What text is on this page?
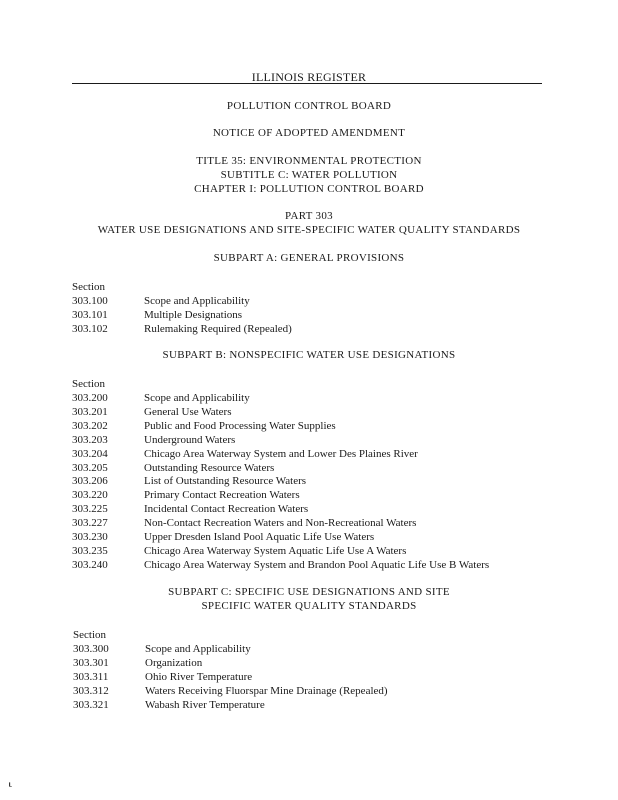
ILLINOIS REGISTER
POLLUTION CONTROL BOARD
NOTICE OF ADOPTED AMENDMENT
TITLE 35: ENVIRONMENTAL PROTECTION
SUBTITLE C: WATER POLLUTION
CHAPTER I: POLLUTION CONTROL BOARD
PART 303
WATER USE DESIGNATIONS AND SITE-SPECIFIC WATER QUALITY STANDARDS
SUBPART A: GENERAL PROVISIONS
Section
303.100	Scope and Applicability
303.101	Multiple Designations
303.102	Rulemaking Required (Repealed)
SUBPART B: NONSPECIFIC WATER USE DESIGNATIONS
Section
303.200	Scope and Applicability
303.201	General Use Waters
303.202	Public and Food Processing Water Supplies
303.203	Underground Waters
303.204	Chicago Area Waterway System and Lower Des Plaines River
303.205	Outstanding Resource Waters
303.206	List of Outstanding Resource Waters
303.220	Primary Contact Recreation Waters
303.225	Incidental Contact Recreation Waters
303.227	Non-Contact Recreation Waters and Non-Recreational Waters
303.230	Upper Dresden Island Pool Aquatic Life Use Waters
303.235	Chicago Area Waterway System Aquatic Life Use A Waters
303.240	Chicago Area Waterway System and Brandon Pool Aquatic Life Use B Waters
SUBPART C: SPECIFIC USE DESIGNATIONS AND SITE
SPECIFIC WATER QUALITY STANDARDS
Section
303.300	Scope and Applicability
303.301	Organization
303.311	Ohio River Temperature
303.312	Waters Receiving Fluorspar Mine Drainage (Repealed)
303.321	Wabash River Temperature
⸤
